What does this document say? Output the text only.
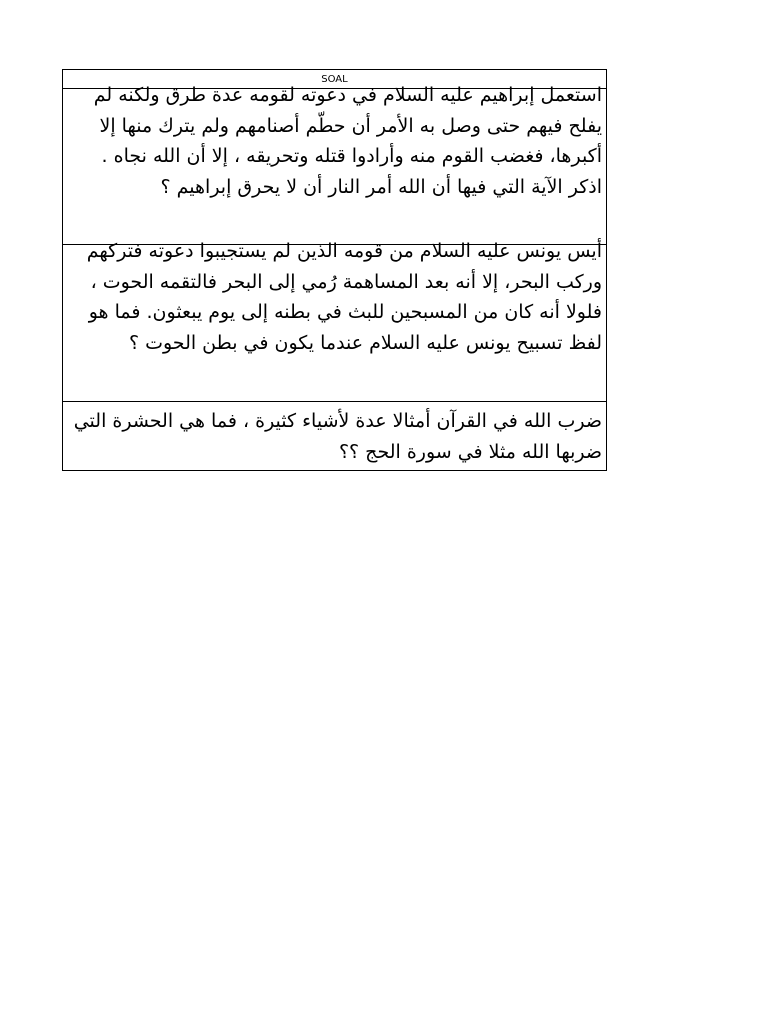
SOAL
استعمل إبراهيم عليه السلام في دعوته لقومه عدة طرق ولكنه لم يفلح فيهم حتى وصل به الأمر أن حطّم أصنامهم ولم يترك منها إلا أكبرها، فغضب القوم منه وأرادوا قتله وتحريقه ، إلا أن الله نجاه . اذكر الآية التي فيها أن الله أمر النار أن لا يحرق إبراهيم ؟
أيس يونس عليه السلام من قومه الذين لم يستجيبوا دعوته فتركهم وركب البحر، إلا أنه بعد المساهمة رُمي إلى البحر فالتقمه الحوت ، فلولا أنه كان من المسبحين للبث في بطنه إلى يوم يبعثون. فما هو لفظ تسبيح يونس عليه السلام عندما يكون في بطن الحوت ؟
ضرب الله في القرآن أمثالا عدة لأشياء كثيرة ، فما هي الحشرة التي ضربها الله مثلا في سورة الحج ؟؟
